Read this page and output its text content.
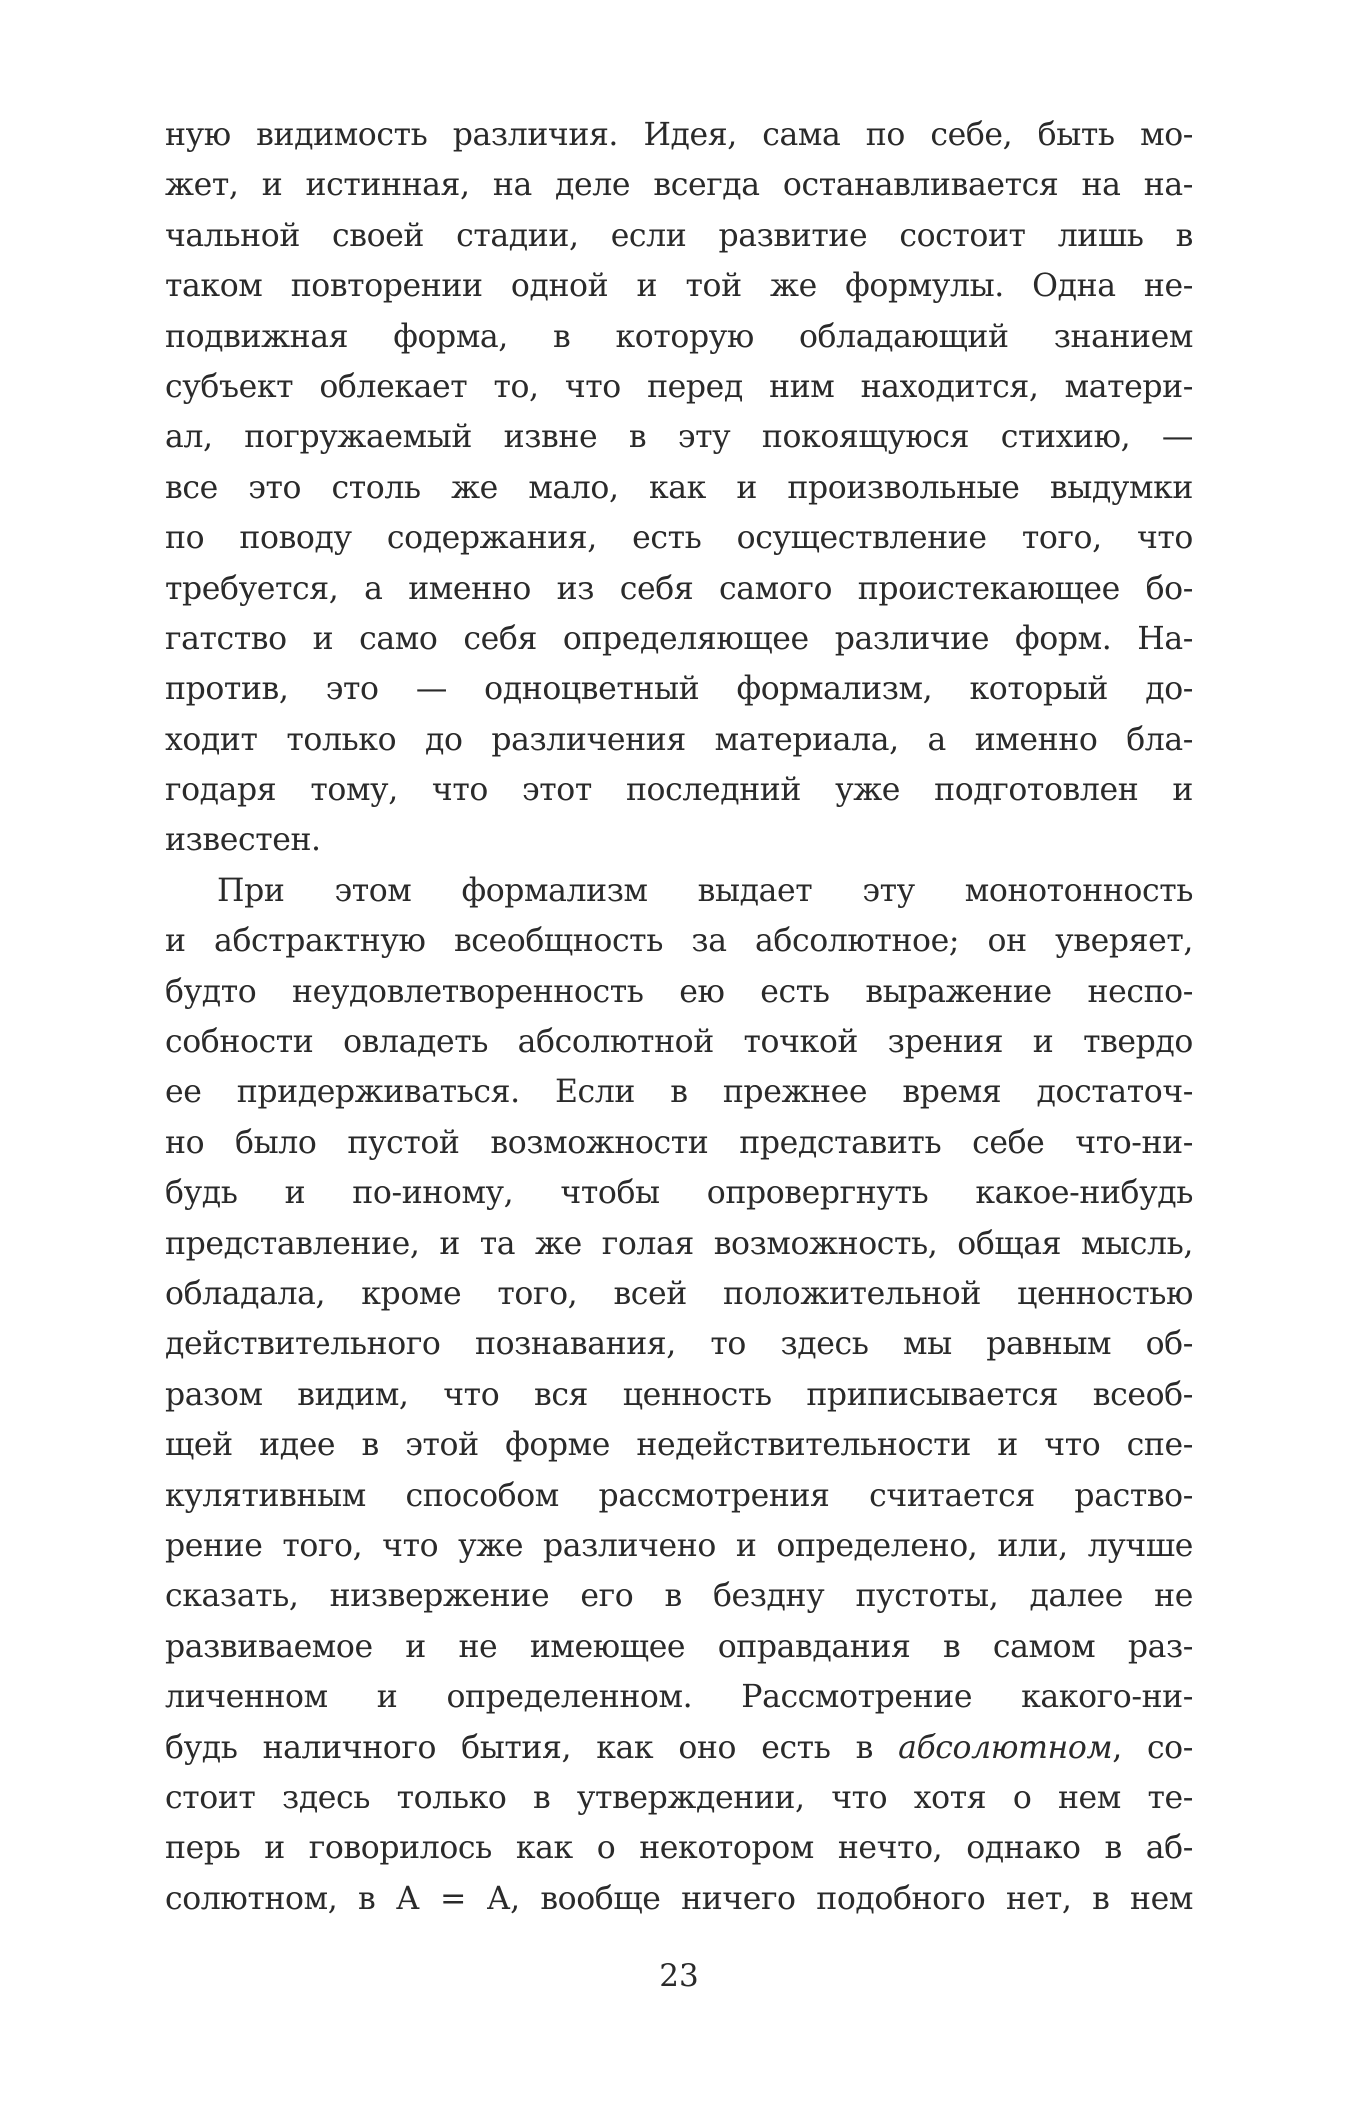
ную видимость различия. Идея, сама по себе, быть мо-
жет, и истинная, на деле всегда останавливается на на-
чальной своей стадии, если развитие состоит лишь в
таком повторении одной и той же формулы. Одна не-
подвижная форма, в которую обладающий знанием
субъект облекает то, что перед ним находится, матери-
ал, погружаемый извне в эту покоящуюся стихию, —
все это столь же мало, как и произвольные выдумки
по поводу содержания, есть осуществление того, что
требуется, а именно из себя самого проистекающее бо-
гатство и само себя определяющее различие форм. На-
против, это — одноцветный формализм, который до-
ходит только до различения материала, а именно бла-
годаря тому, что этот последний уже подготовлен и
известен.
При этом формализм выдает эту монотонность
и абстрактную всеобщность за абсолютное; он уверяет,
будто неудовлетворенность ею есть выражение неспо-
собности овладеть абсолютной точкой зрения и твердо
ее придерживаться. Если в прежнее время достаточ-
но было пустой возможности представить себе что-ни-
будь и по-иному, чтобы опровергнуть какое-нибудь
представление, и та же голая возможность, общая мысль,
обладала, кроме того, всей положительной ценностью
действительного познавания, то здесь мы равным об-
разом видим, что вся ценность приписывается всеоб-
щей идее в этой форме недействительности и что спе-
кулятивным способом рассмотрения считается раство-
рение того, что уже различено и определено, или, лучше
сказать, низвержение его в бездну пустоты, далее не
развиваемое и не имеющее оправдания в самом раз-
личенном и определенном. Рассмотрение какого-ни-
будь наличного бытия, как оно есть в абсолютном, со-
стоит здесь только в утверждении, что хотя о нем те-
перь и говорилось как о некотором нечто, однако в аб-
солютном, в А = А, вообще ничего подобного нет, в нем
23
